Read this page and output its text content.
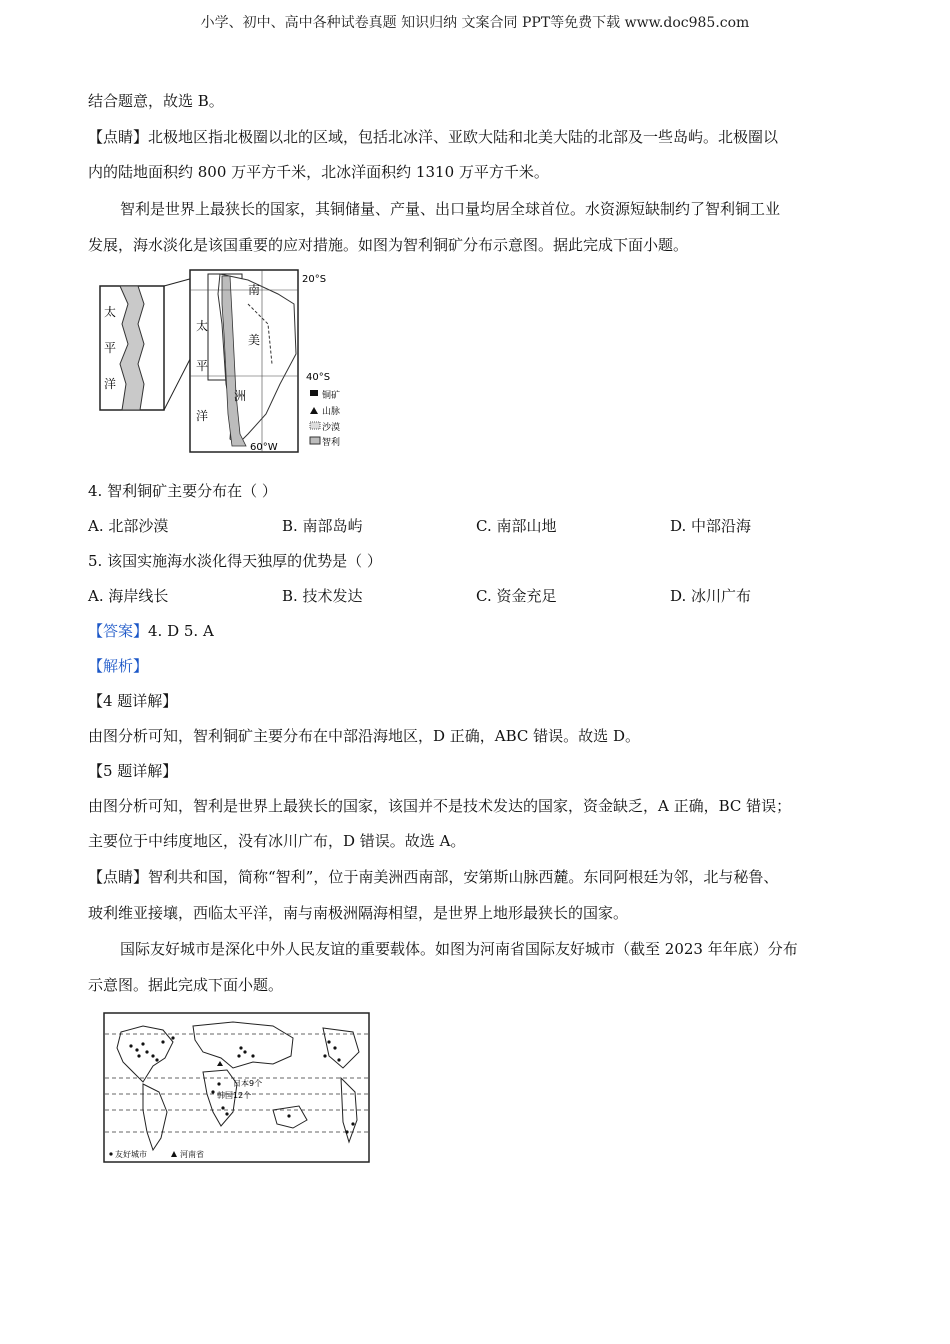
小学、初中、高中各种试卷真题 知识归纳 文案合同 PPT等免费下载 www.doc985.com
结合题意，故选 B。
【点睛】北极地区指北极圈以北的区域，包括北冰洋、亚欧大陆和北美大陆的北部及一些岛屿。北极圈以
内的陆地面积约 800 万平方千米，北冰洋面积约 1310 万平方千米。
智利是世界上最狭长的国家，其铜储量、产量、出口量均居全球首位。水资源短缺制约了智利铜工业
发展，海水淡化是该国重要的应对措施。如图为智利铜矿分布示意图。据此完成下面小题。
太
平
洋
20°S
40°S
60°W
南
美
洲
太
平
洋
铜矿
山脉
沙漠
智利
4. 智利铜矿主要分布在（ ）
A. 北部沙漠	B. 南部岛屿	C. 南部山地	D. 中部沿海
5. 该国实施海水淡化得天独厚的优势是（ ）
A. 海岸线长	B. 技术发达	C. 资金充足	D. 冰川广布
【答案】4. D 5. A
【解析】
【4 题详解】
由图分析可知，智利铜矿主要分布在中部沿海地区，D 正确，ABC 错误。故选 D。
【5 题详解】
由图分析可知，智利是世界上最狭长的国家，该国并不是技术发达的国家，资金缺乏，A 正确，BC 错误；
主要位于中纬度地区，没有冰川广布，D 错误。故选 A。
【点睛】智利共和国，简称“智利”，位于南美洲西南部，安第斯山脉西麓。东同阿根廷为邻，北与秘鲁、
玻利维亚接壤，西临太平洋，南与南极洲隔海相望，是世界上地形最狭长的国家。
国际友好城市是深化中外人民友谊的重要载体。如图为河南省国际友好城市（截至 2023 年年底）分布
示意图。据此完成下面小题。
日本9个
韩国12个
友好城市	河南省
